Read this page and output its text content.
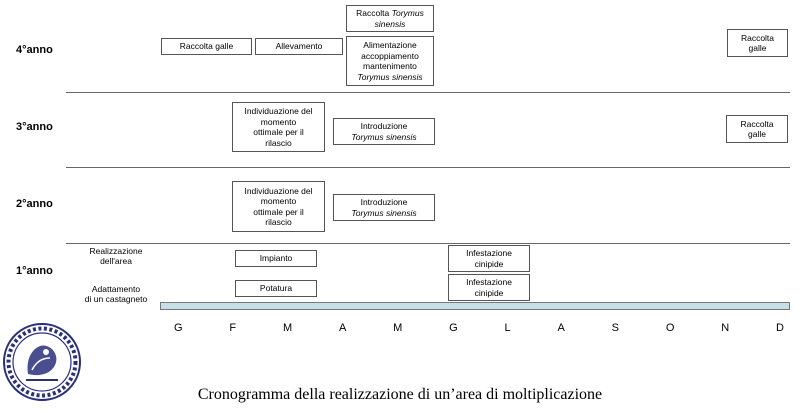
4°anno
3°anno
2°anno
1°anno
Raccolta galle	Allevamento
Raccolta Torymus
sinensis
Alimentazione
accoppiamento
mantenimento
Torymus sinensis
Raccolta
galle
Individuazione del
momento
ottimale per il
rilascio
Introduzione
Torymus sinensis
Raccolta
galle
Individuazione del
momento
ottimale per il
rilascio
Introduzione
Torymus sinensis
Realizzazione
dell'area
Adattamento
di un castagneto
Impianto
Potatura
Infestazione
cinipide
Infestazione
cinipide
G	F	M	A	M	G	L	A	S	O	N	D
Cronogramma della realizzazione di un’area di moltiplicazione
